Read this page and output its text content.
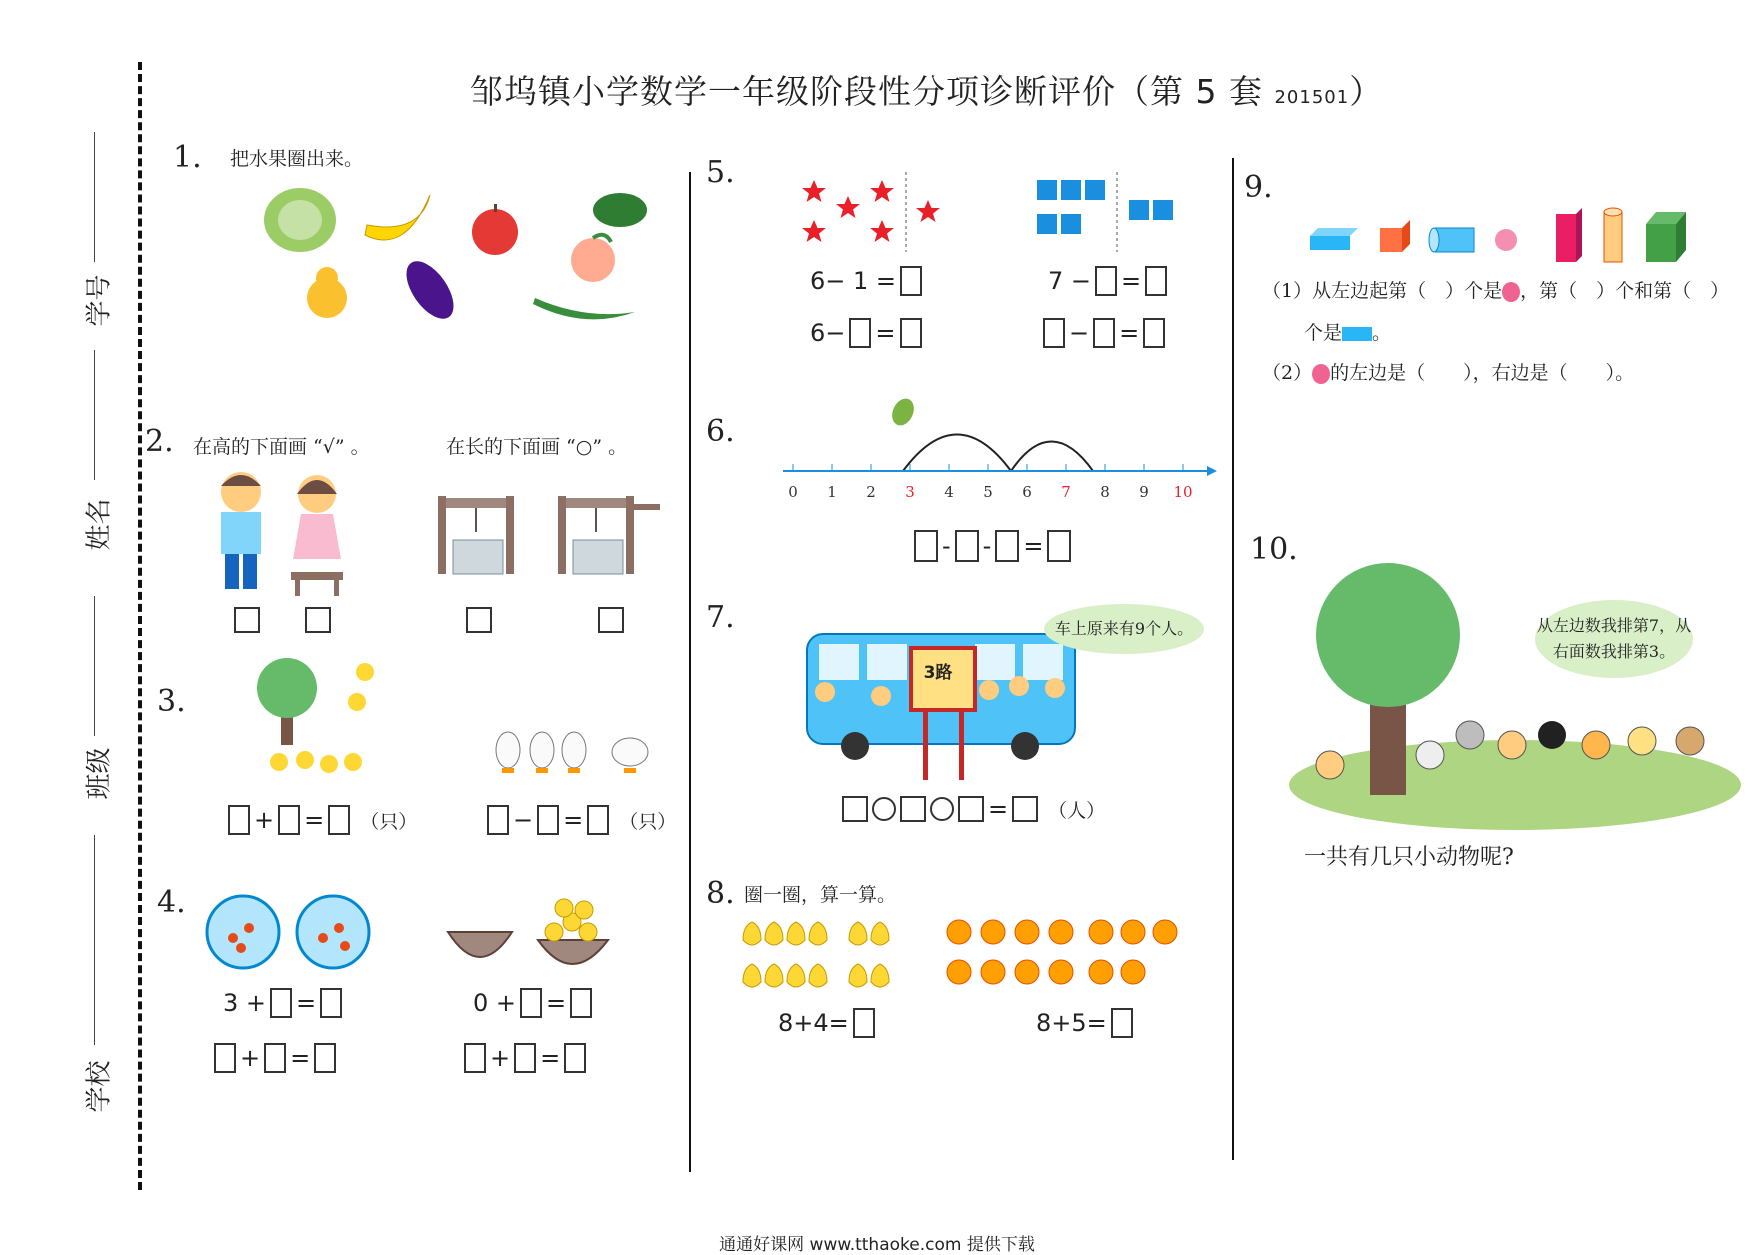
邹坞镇小学数学一年级阶段性分项诊断评价（第 5 套 201501）
学号
姓名
班级
学校
1. 把水果圈出来。
2. 在高的下面画 “√” 。	在长的下面画 “○” 。
3.
+ = （只）	− = （只）
4.
3 + =
+ =
0 + =
+ =
5.
6− 1 =
6− =
7 − =
− =
6.
0 1 2 3 4 5 6 7 8 9 10
- - =
7.
3路
车上原来有9个人。
= （人）
8. 圈一圈，算一算。
8+4=	8+5=
9.
（1）从左边起第（　）个是 ，第（　）个和第（　）
个是 。
（2） 的左边是（　　），右边是（　　）。
10.
从左边数我排第7，从右面数我排第3。
一共有几只小动物呢?
通通好课网 www.tthaoke.com 提供下载
